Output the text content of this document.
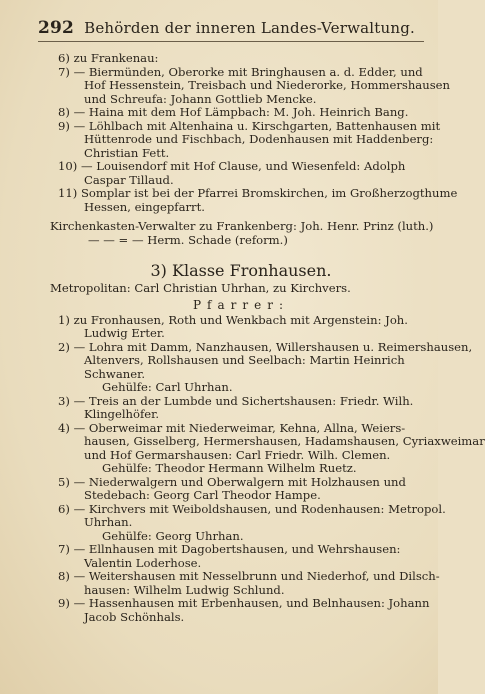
292 Behörden der inneren Landes-Verwaltung.
6) zu Frankenau:
7) — Biermünden, Oberorke mit Bringhausen a. d. Edder, und
Hof Hessenstein, Treisbach und Niederorke, Hommershausen
und Schreufa: Johann Gottlieb Mencke.
8) — Haina mit dem Hof Lämpbach: M. Joh. Heinrich Bang.
9) — Löhlbach mit Altenhaina u. Kirschgarten, Battenhausen mit
Hüttenrode und Fischbach, Dodenhausen mit Haddenberg:
Christian Fett.
10) — Louisendorf mit Hof Clause, und Wiesenfeld: Adolph
Caspar Tillaud.
11) Somplar ist bei der Pfarrei Bromskirchen, im Großherzogthume
Hessen, eingepfarrt.
Kirchenkasten-Verwalter zu Frankenberg: Joh. Henr. Prinz (luth.)
— — = — Herm. Schade (reform.)
3) Klasse Fronhausen.
Metropolitan: Carl Christian Uhrhan, zu Kirchvers.
Pfarrer:
1) zu Fronhausen, Roth und Wenkbach mit Argenstein: Joh.
Ludwig Erter.
2) — Lohra mit Damm, Nanzhausen, Willershausen u. Reimershausen,
Altenvers, Rollshausen und Seelbach: Martin Heinrich
Schwaner.
Gehülfe: Carl Uhrhan.
3) — Treis an der Lumbde und Sichertshausen: Friedr. Wilh.
Klingelhöfer.
4) — Oberweimar mit Niederweimar, Kehna, Allna, Weiers-
hausen, Gisselberg, Hermershausen, Hadamshausen, Cyriaxweimar
und Hof Germarshausen: Carl Friedr. Wilh. Clemen.
Gehülfe: Theodor Hermann Wilhelm Ruetz.
5) — Niederwalgern und Oberwalgern mit Holzhausen und
Stedebach: Georg Carl Theodor Hampe.
6) — Kirchvers mit Weiboldshausen, und Rodenhausen: Metropol.
Uhrhan.
Gehülfe: Georg Uhrhan.
7) — Ellnhausen mit Dagobertshausen, und Wehrshausen:
Valentin Loderhose.
8) — Weitershausen mit Nesselbrunn und Niederhof, und Dilsch-
hausen: Wilhelm Ludwig Schlund.
9) — Hassenhausen mit Erbenhausen, und Belnhausen: Johann
Jacob Schönhals.
